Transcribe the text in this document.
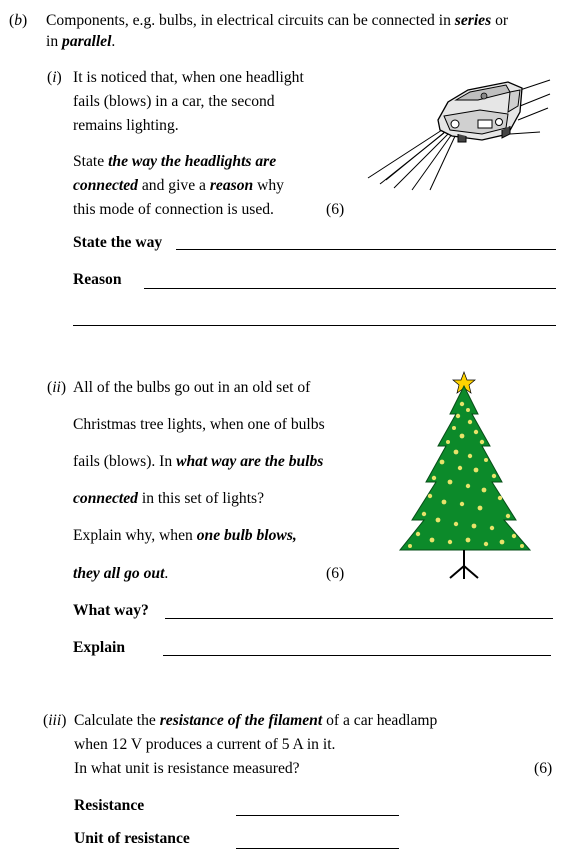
(b) Components, e.g. bulbs, in electrical circuits can be connected in series or
in parallel.
(i) It is noticed that, when one headlight
fails (blows) in a car, the second
remains lighting.
State the way the headlights are
connected and give a reason why
this mode of connection is used.	(6)
State the way
Reason
(ii) All of the bulbs go out in an old set of
Christmas tree lights, when one of bulbs
fails (blows). In what way are the bulbs
connected in this set of lights?
Explain why, when one bulb blows,
they all go out.	(6)
What way?
Explain
(iii) Calculate the resistance of the filament of a car headlamp
when 12 V produces a current of 5 A in it.
In what unit is resistance measured?	(6)
Resistance
Unit of resistance
